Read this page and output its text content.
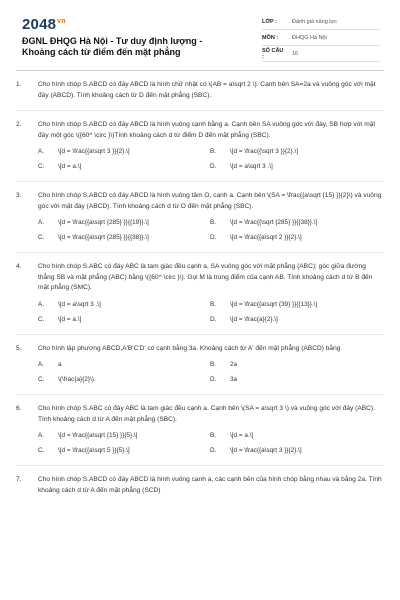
$2048^{vn}$
ĐGNL ĐHQG Hà Nội - Tư duy định lượng - Khoảng cách từ điểm đến mặt phẳng
LỚP :	Đánh giá năng lực
MÔN :	ĐHQG Hà Nội
SỐ CÂU :	16
1.	Cho hình chóp S.ABCD có đáy ABCD là hình chữ nhật có \(AB = a\sqrt 2 \). Cạnh bên SA=2a và vuông góc với mặt đáy (ABCD). Tính khoảng cách từ D đến mặt phẳng (SBC).
2.	Cho hình chóp S.ABCD có đáy ABCD là hình vuông cạnh bằng a. Cạnh bên SA vuông góc với đáy, SB hợp với mặt đáy một góc \({60^ \circ }\)Tính khoảng cách d từ điểm D đến mặt phẳng (SBC).
A.	\[d = \frac{{a\sqrt 3 }}{2}.\]	B.	\[d = \frac{{\sqrt 3 }}{2}.\]
C.	\[d = a.\]	D.	\[d = a\sqrt 3 .\]
3.	Cho hình chóp S.ABCD có đáy ABCD là hình vuông tâm O, cạnh a. Cạnh bên \(SA = \frac{{a\sqrt {15} }}{2}\) và vuông góc với mặt đáy (ABCD). Tính khoảng cách d từ O đến mặt phẳng (SBC).
A.	\[d = \frac{{a\sqrt {285} }}{{19}}.\]	B.	\[d = \frac{{\sqrt {285} }}{{38}}.\]
C.	\[d = \frac{{a\sqrt {285} }}{{38}}.\]	D.	\[d = \frac{{a\sqrt 2 }}{2}.\]
4.	Cho hình chóp S.ABC có đáy ABC là tam giác đều cạnh a, SA vuông góc với mặt phẳng (ABC); góc giữa đường thẳng SB và mặt phẳng (ABC) bằng \({60^ \circ }\). Gọi M là trung điểm của cạnh AB. Tính khoảng cách d từ B đến mặt phẳng (SMC).
A.	\[d = a\sqrt 3 .\]	B.	\[d = \frac{{a\sqrt {39} }}{{13}}.\]
C.	\[d = a.\]	D.	\[d = \frac{a}{2}.\]
5.	Cho hình lập phương ABCD,A'B'C'D' có cạnh bằng 3a. Khoảng cách từ A' đến mặt phẳng (ABCD) bằng
A.	a	B.	2a
C.	\(\frac{a}{2}\).	D.	3a
6.	Cho hình chóp S.ABC có đáy ABC là tam giác đều cạnh a. Cạnh bên \(SA = a\sqrt 3 \) và vuông góc với đáy (ABC). Tính khoảng cách d từ A đến mặt phẳng (SBC).
A.	\[d = \frac{{a\sqrt {15} }}{5}.\]	B.	\[d = a.\]
C.	\[d = \frac{{a\sqrt 5 }}{5}.\]	D.	\[d = \frac{{a\sqrt 3 }}{2}.\]
7.	Cho hình chóp S.ABCD có đáy ABCD là hình vuông cạnh a, các cạnh bên của hình chóp bằng nhau và bằng 2a. Tính khoảng cách d từ A đến mặt phẳng (SCD)
